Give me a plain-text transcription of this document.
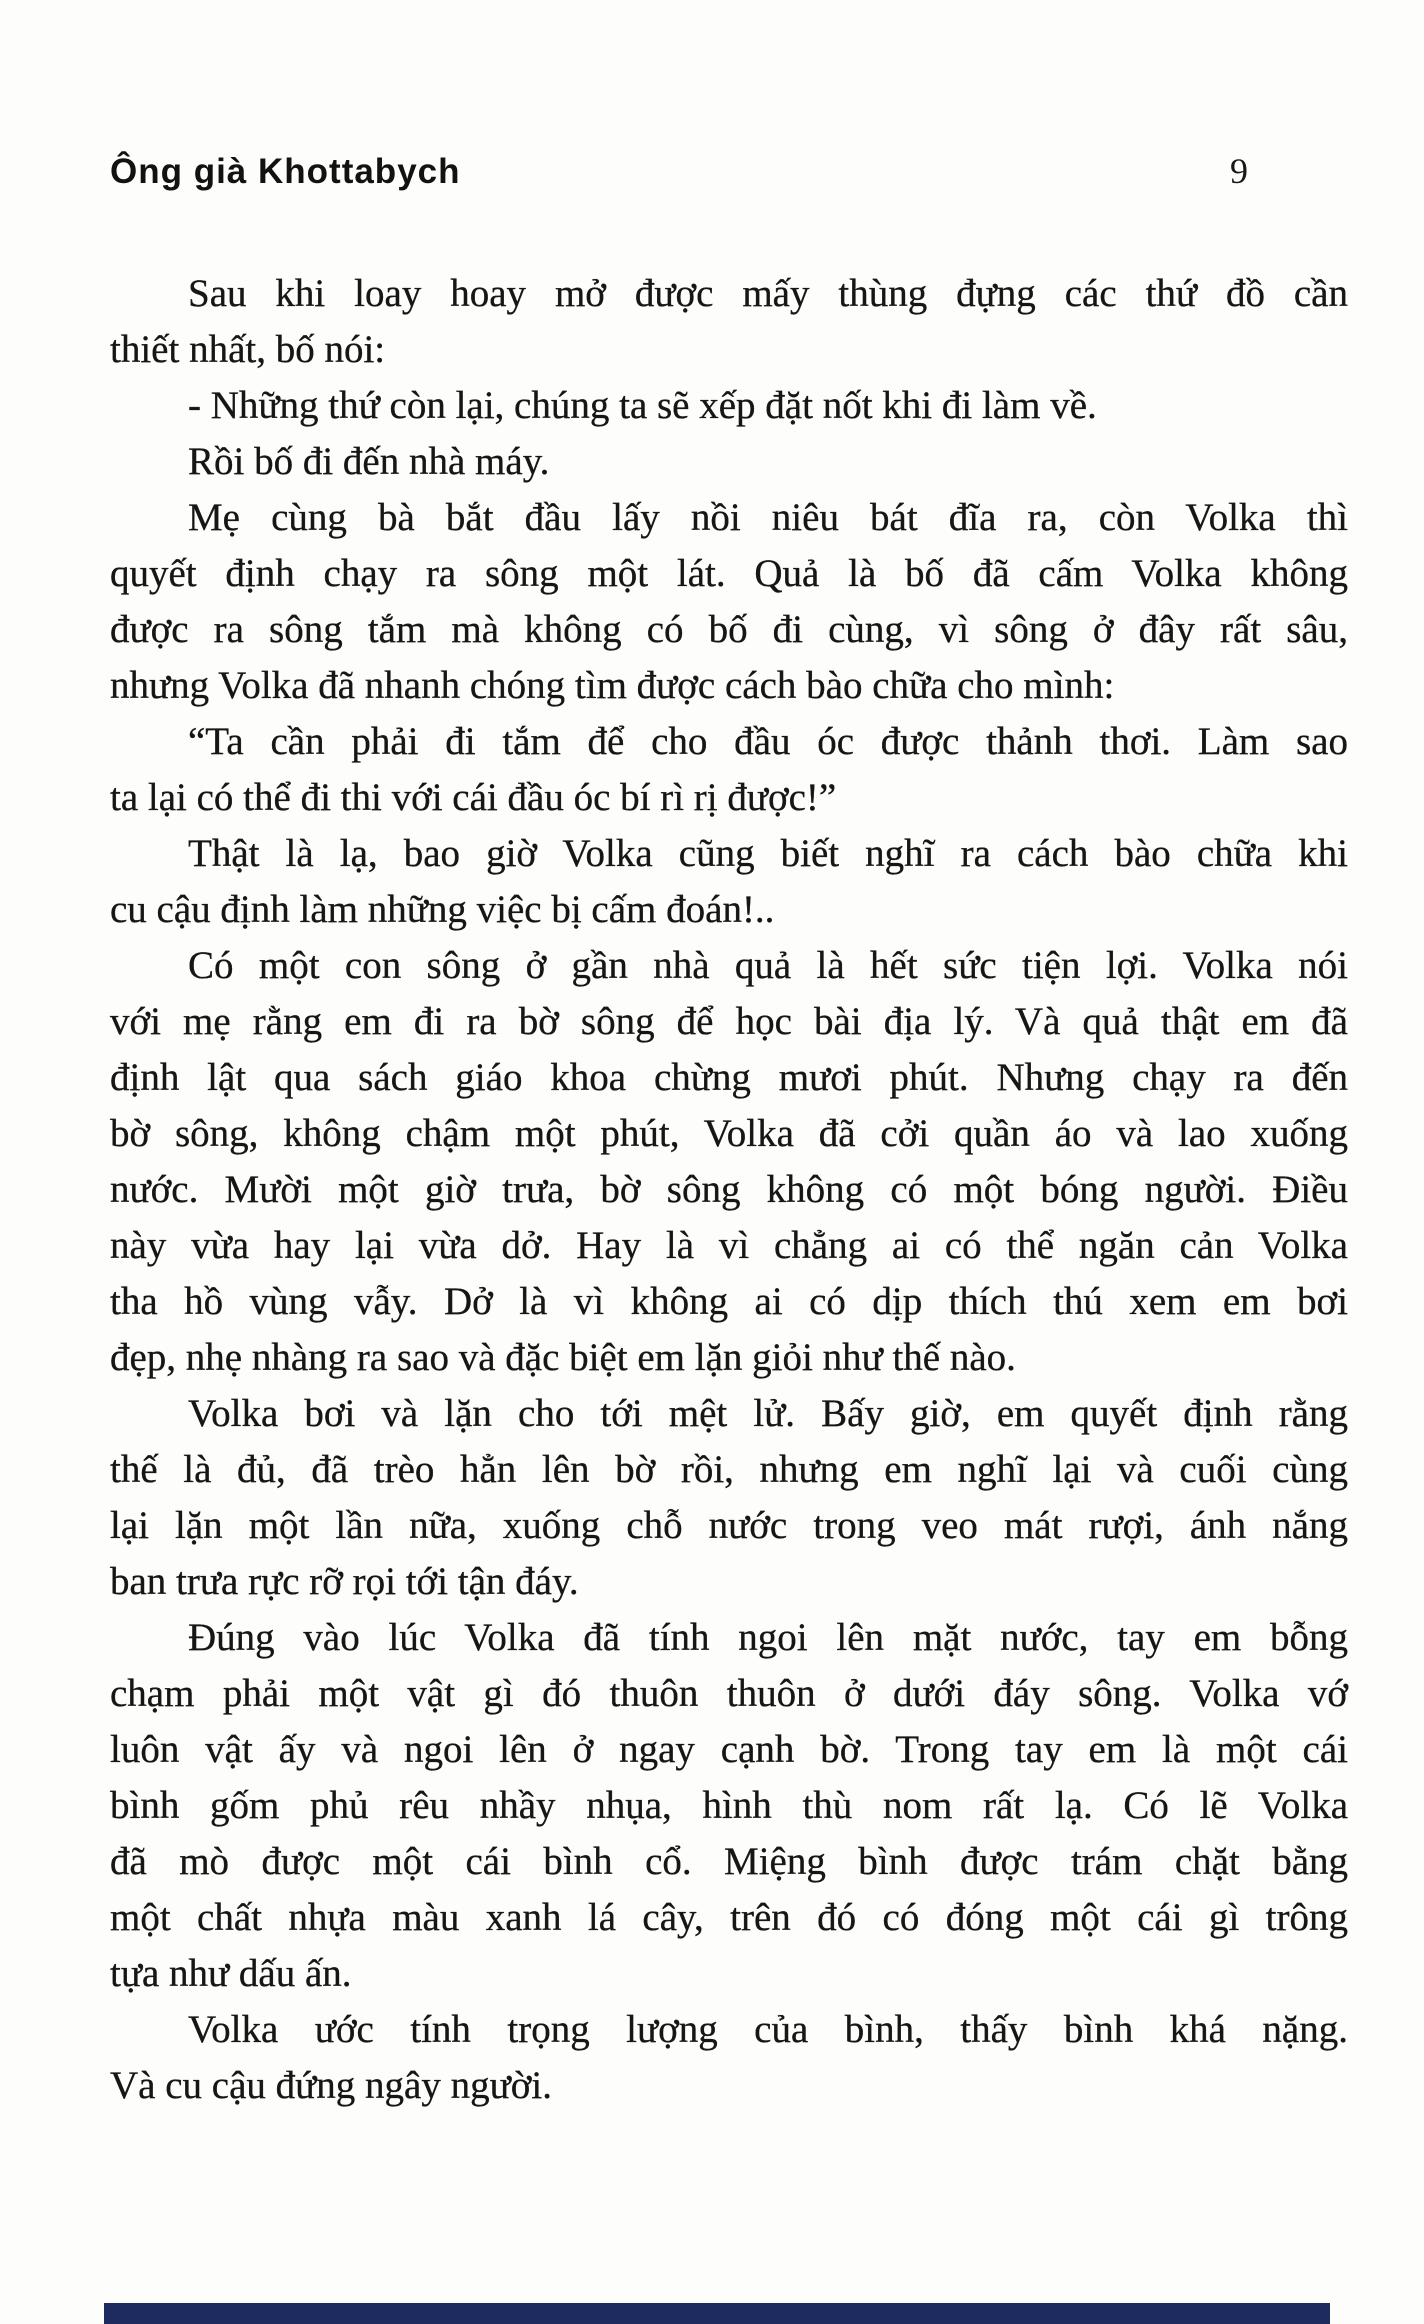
Ông già Khottabych	9
Sau khi loay hoay mở được mấy thùng đựng các thứ đồ cần
thiết nhất, bố nói:
- Những thứ còn lại, chúng ta sẽ xếp đặt nốt khi đi làm về.
Rồi bố đi đến nhà máy.
Mẹ cùng bà bắt đầu lấy nồi niêu bát đĩa ra, còn Volka thì
quyết định chạy ra sông một lát. Quả là bố đã cấm Volka không
được ra sông tắm mà không có bố đi cùng, vì sông ở đây rất sâu,
nhưng Volka đã nhanh chóng tìm được cách bào chữa cho mình:
“Ta cần phải đi tắm để cho đầu óc được thảnh thơi. Làm sao
ta lại có thể đi thi với cái đầu óc bí rì rị được!”
Thật là lạ, bao giờ Volka cũng biết nghĩ ra cách bào chữa khi
cu cậu định làm những việc bị cấm đoán!..
Có một con sông ở gần nhà quả là hết sức tiện lợi. Volka nói
với mẹ rằng em đi ra bờ sông để học bài địa lý. Và quả thật em đã
định lật qua sách giáo khoa chừng mươi phút. Nhưng chạy ra đến
bờ sông, không chậm một phút, Volka đã cởi quần áo và lao xuống
nước. Mười một giờ trưa, bờ sông không có một bóng người. Điều
này vừa hay lại vừa dở. Hay là vì chẳng ai có thể ngăn cản Volka
tha hồ vùng vẫy. Dở là vì không ai có dịp thích thú xem em bơi
đẹp, nhẹ nhàng ra sao và đặc biệt em lặn giỏi như thế nào.
Volka bơi và lặn cho tới mệt lử. Bấy giờ, em quyết định rằng
thế là đủ, đã trèo hẳn lên bờ rồi, nhưng em nghĩ lại và cuối cùng
lại lặn một lần nữa, xuống chỗ nước trong veo mát rượi, ánh nắng
ban trưa rực rỡ rọi tới tận đáy.
Đúng vào lúc Volka đã tính ngoi lên mặt nước, tay em bỗng
chạm phải một vật gì đó thuôn thuôn ở dưới đáy sông. Volka vớ
luôn vật ấy và ngoi lên ở ngay cạnh bờ. Trong tay em là một cái
bình gốm phủ rêu nhầy nhụa, hình thù nom rất lạ. Có lẽ Volka
đã mò được một cái bình cổ. Miệng bình được trám chặt bằng
một chất nhựa màu xanh lá cây, trên đó có đóng một cái gì trông
tựa như dấu ấn.
Volka ước tính trọng lượng của bình, thấy bình khá nặng.
Và cu cậu đứng ngây người.
